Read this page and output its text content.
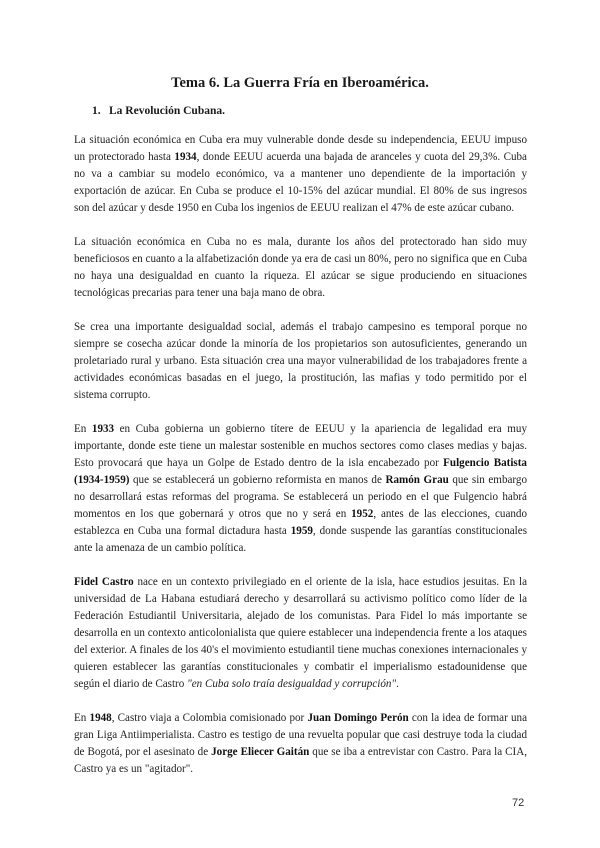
Tema 6. La Guerra Fría en Iberoamérica.
1. La Revolución Cubana.

La situación económica en Cuba era muy vulnerable donde desde su independencia, EEUU impuso un protectorado hasta 1934, donde EEUU acuerda una bajada de aranceles y cuota del 29,3%. Cuba no va a cambiar su modelo económico, va a mantener uno dependiente de la importación y exportación de azúcar. En Cuba se produce el 10-15% del azúcar mundial. El 80% de sus ingresos son del azúcar y desde 1950 en Cuba los ingenios de EEUU realizan el 47% de este azúcar cubano.

La situación económica en Cuba no es mala, durante los años del protectorado han sido muy beneficiosos en cuanto a la alfabetización donde ya era de casi un 80%, pero no significa que en Cuba no haya una desigualdad en cuanto la riqueza. El azúcar se sigue produciendo en situaciones tecnológicas precarias para tener una baja mano de obra.

Se crea una importante desigualdad social, además el trabajo campesino es temporal porque no siempre se cosecha azúcar donde la minoría de los propietarios son autosuficientes, generando un proletariado rural y urbano. Esta situación crea una mayor vulnerabilidad de los trabajadores frente a actividades económicas basadas en el juego, la prostitución, las mafias y todo permitido por el sistema corrupto.

En 1933 en Cuba gobierna un gobierno títere de EEUU y la apariencia de legalidad era muy importante, donde este tiene un malestar sostenible en muchos sectores como clases medias y bajas. Esto provocará que haya un Golpe de Estado dentro de la isla encabezado por Fulgencio Batista (1934-1959) que se establecerá un gobierno reformista en manos de Ramón Grau que sin embargo no desarrollará estas reformas del programa. Se establecerá un periodo en el que Fulgencio habrá momentos en los que gobernará y otros que no y será en 1952, antes de las elecciones, cuando establezca en Cuba una formal dictadura hasta 1959, donde suspende las garantías constitucionales ante la amenaza de un cambio política.

Fidel Castro nace en un contexto privilegiado en el oriente de la isla, hace estudios jesuitas. En la universidad de La Habana estudiará derecho y desarrollará su activismo político como líder de la Federación Estudiantil Universitaria, alejado de los comunistas. Para Fidel lo más importante se desarrolla en un contexto anticolonialista que quiere establecer una independencia frente a los ataques del exterior. A finales de los 40's el movimiento estudiantil tiene muchas conexiones internacionales y quieren establecer las garantías constitucionales y combatir el imperialismo estadounidense que según el diario de Castro "en Cuba solo traía desigualdad y corrupción".

En 1948, Castro viaja a Colombia comisionado por Juan Domingo Perón con la idea de formar una gran Liga Antiimperialista. Castro es testigo de una revuelta popular que casi destruye toda la ciudad de Bogotá, por el asesinato de Jorge Eliecer Gaitán que se iba a entrevistar con Castro. Para la CIA, Castro ya es un "agitador".

72
